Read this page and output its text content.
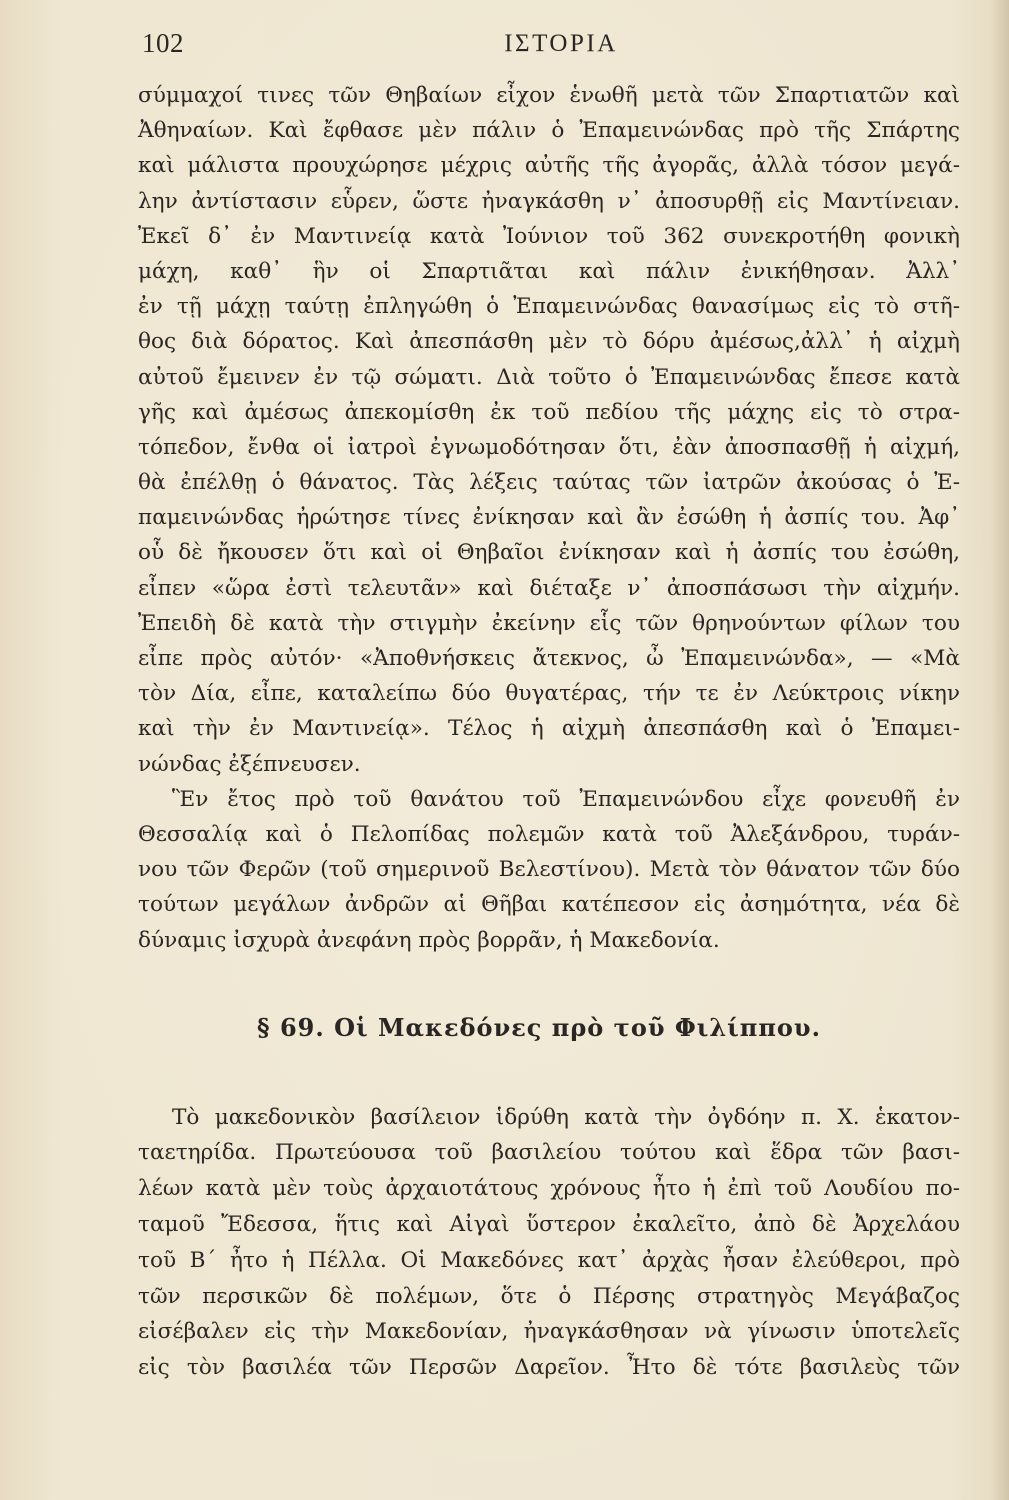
102	ΙΣΤΟΡΙΑ
σύμμαχοί τινες τῶν Θηβαίων εἶχον ἑνωθῆ μετὰ τῶν Σπαρτιατῶν καὶ
Ἀθηναίων. Καὶ ἔφθασε μὲν πάλιν ὁ Ἐπαμεινώνδας πρὸ τῆς Σπάρτης
καὶ μάλιστα προυχώρησε μέχρις αὐτῆς τῆς ἀγορᾶς, ἀλλὰ τόσον μεγά-
λην ἀντίστασιν εὗρεν, ὥστε ἠναγκάσθη ν᾽ ἀποσυρθῇ εἰς Μαντίνειαν.
Ἐκεῖ δ᾽ ἐν Μαντινείᾳ κατὰ Ἰούνιον τοῦ 362 συνεκροτήθη φονικὴ
μάχη, καθ᾽ ἣν οἱ Σπαρτιᾶται καὶ πάλιν ἐνικήθησαν. Ἀλλ᾽
ἐν τῇ μάχῃ ταύτῃ ἐπληγώθη ὁ Ἐπαμεινώνδας θανασίμως εἰς τὸ στῆ-
θος διὰ δόρατος. Καὶ ἀπεσπάσθη μὲν τὸ δόρυ ἀμέσως,ἀλλ᾽ ἡ αἰχμὴ
αὐτοῦ ἔμεινεν ἐν τῷ σώματι. Διὰ τοῦτο ὁ Ἐπαμεινώνδας ἔπεσε κατὰ
γῆς καὶ ἀμέσως ἀπεκομίσθη ἐκ τοῦ πεδίου τῆς μάχης εἰς τὸ στρα-
τόπεδον, ἔνθα οἱ ἰατροὶ ἐγνωμοδότησαν ὅτι, ἐὰν ἀποσπασθῇ ἡ αἰχμή,
θὰ ἐπέλθῃ ὁ θάνατος. Τὰς λέξεις ταύτας τῶν ἰατρῶν ἀκούσας ὁ Ἐ-
παμεινώνδας ἠρώτησε τίνες ἐνίκησαν καὶ ἂν ἐσώθη ἡ ἀσπίς του. Ἀφ᾽
οὗ δὲ ἤκουσεν ὅτι καὶ οἱ Θηβαῖοι ἐνίκησαν καὶ ἡ ἀσπίς του ἐσώθη,
εἶπεν «ὥρα ἐστὶ τελευτᾶν» καὶ διέταξε ν᾽ ἀποσπάσωσι τὴν αἰχμήν.
Ἐπειδὴ δὲ κατὰ τὴν στιγμὴν ἐκείνην εἷς τῶν θρηνούντων φίλων του
εἶπε πρὸς αὐτόν· «Ἀποθνήσκεις ἄτεκνος, ὦ Ἐπαμεινώνδα», — «Μὰ
τὸν Δία, εἶπε, καταλείπω δύο θυγατέρας, τήν τε ἐν Λεύκτροις νίκην
καὶ τὴν ἐν Μαντινείᾳ». Τέλος ἡ αἰχμὴ ἀπεσπάσθη καὶ ὁ Ἐπαμει-
νώνδας ἐξέπνευσεν.
Ἓν ἔτος πρὸ τοῦ θανάτου τοῦ Ἐπαμεινώνδου εἶχε φονευθῆ ἐν
Θεσσαλίᾳ καὶ ὁ Πελοπίδας πολεμῶν κατὰ τοῦ Ἀλεξάνδρου, τυράν-
νου τῶν Φερῶν (τοῦ σημερινοῦ Βελεστίνου). Μετὰ τὸν θάνατον τῶν δύο
τούτων μεγάλων ἀνδρῶν αἱ Θῆβαι κατέπεσον εἰς ἀσημότητα, νέα δὲ
δύναμις ἰσχυρὰ ἀνεφάνη πρὸς βορρᾶν, ἡ Μακεδονία.
§ 69. Οἱ Μακεδόνες πρὸ τοῦ Φιλίππου.
Τὸ μακεδονικὸν βασίλειον ἱδρύθη κατὰ τὴν ὀγδόην π. Χ. ἑκατον-
ταετηρίδα. Πρωτεύουσα τοῦ βασιλείου τούτου καὶ ἕδρα τῶν βασι-
λέων κατὰ μὲν τοὺς ἀρχαιοτάτους χρόνους ἦτο ἡ ἐπὶ τοῦ Λουδίου πο-
ταμοῦ Ἔδεσσα, ἥτις καὶ Αἰγαὶ ὕστερον ἐκαλεῖτο, ἀπὸ δὲ Ἀρχελάου
τοῦ Β΄ ἦτο ἡ Πέλλα. Οἱ Μακεδόνες κατ᾽ ἀρχὰς ἦσαν ἐλεύθεροι, πρὸ
τῶν περσικῶν δὲ πολέμων, ὅτε ὁ Πέρσης στρατηγὸς Μεγάβαζος
εἰσέβαλεν εἰς τὴν Μακεδονίαν, ἠναγκάσθησαν νὰ γίνωσιν ὑποτελεῖς
εἰς τὸν βασιλέα τῶν Περσῶν Δαρεῖον. Ἦτο δὲ τότε βασιλεὺς τῶν
